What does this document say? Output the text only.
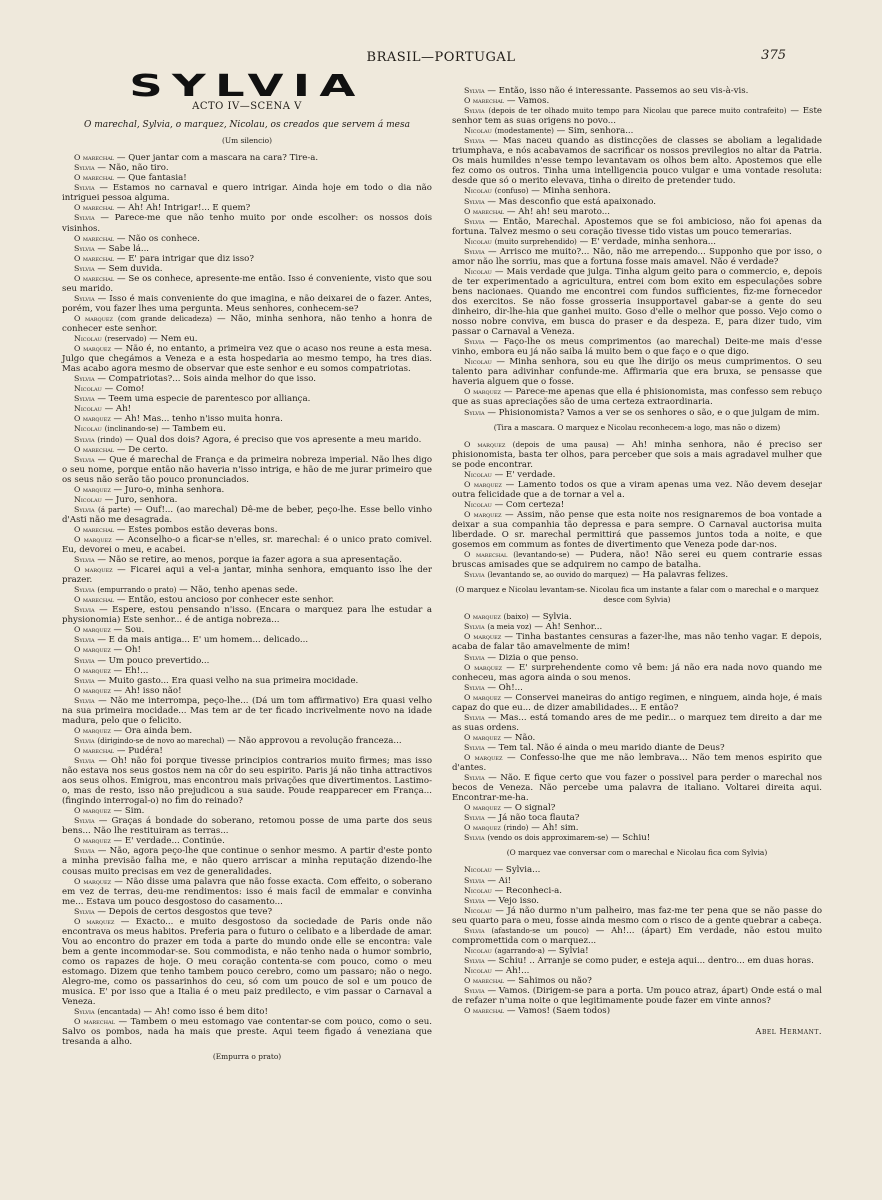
BRASIL—PORTUGAL	375
SYLVIA
ACTO IV—SCENA V
O marechal, Sylvia, o marquez, Nicolau, os creados que servem á mesa
(Um silencio)

O marechal — Quer jantar com a mascara na cara? Tire-a.

Sylvia — Não, não tiro.

O marechal — Que fantasia!

Sylvia — Estamos no carnaval e quero intrigar. Ainda hoje em todo o dia não intriguei pessoa alguma.

O marechal — Ah! Ah! Intrigar!... E quem?

Sylvia — Parece-me que não tenho muito por onde escolher: os nossos dois visinhos.

O marechal — Não os conhece.

Sylvia — Sabe lá...

O marechal — E' para intrigar que diz isso?

Sylvia — Sem duvida.

O marechal — Se os conhece, apresente-me então. Isso é conveniente, visto que sou seu marido.

Sylvia — Isso é mais conveniente do que imagina, e não deixarei de o fazer. Antes, porém, vou fazer lhes uma pergunta. Meus senhores, conhecem-se?

O marquez (com grande delicadeza) — Não, minha senhora, não tenho a honra de conhecer este senhor.

Nicolau (reservado) — Nem eu.

O marquez — Não é, no entanto, a primeira vez que o acaso nos reune a esta mesa. Julgo que chegámos a Veneza e a esta hospedaria ao mesmo tempo, ha tres dias. Mas acabo agora mesmo de observar que este senhor e eu somos compatriotas.

Sylvia — Compatriotas?... Sois ainda melhor do que isso.

Nicolau — Como!

Sylvia — Teem uma especie de parentesco por alliança.

Nicolau — Ah!

O marquez — Ah! Mas... tenho n'isso muita honra.

Nicolau (inclinando-se) — Tambem eu.

Sylvia (rindo) — Qual dos dois? Agora, é preciso que vos apresente a meu marido.

O marechal — De certo.

Sylvia — Que é marechal de França e da primeira nobreza imperial. Não lhes digo o seu nome, porque então não haveria n'isso intriga, e hão de me jurar primeiro que os seus não serão tão pouco pronunciados.

O marquez — Juro-o, minha senhora.

Nicolau — Juro, senhora.

Sylvia (á parte) — Ouf!... (ao marechal) Dê-me de beber, peço-lhe. Esse bello vinho d'Asti não me desagrada.

O marechal — Estes pombos estão deveras bons.

O marquez — Aconselho-o a ficar-se n'elles, sr. marechal: é o unico prato comivel. Eu, devorei o meu, e acabei.

Sylvia — Não se retire, ao menos, porque ia fazer agora a sua apresentação.

O marquez — Ficarei aqui a vel-a jantar, minha senhora, emquanto isso lhe der prazer.

Sylvia (empurrando o prato) — Não, tenho apenas sede.

O marechal — Então, estou ancioso por conhecer este senhor.

Sylvia — Espere, estou pensando n'isso. (Encara o marquez para lhe estudar a physionomia) Este senhor... é de antiga nobreza...

O marquez — Sou.

Sylvia — E da mais antiga... E' um homem... delicado...

O marquez — Oh!

Sylvia — Um pouco prevertido...

O marquez — Eh!...

Sylvia — Muito gasto... Era quasi velho na sua primeira mocidade.

O marquez — Ah! isso não!

Sylvia — Não me interrompa, peço-lhe... (Dá um tom affirmativo) Era quasi velho na sua primeira mocidade... Mas tem ar de ter ficado incrivelmente novo na idade madura, pelo que o felicito.

O marquez — Ora ainda bem.

Sylvia (dirigindo-se de novo ao marechal) — Não approvou a revolução franceza...

O marechal — Pudéra!

Sylvia — Oh! não foi porque tivesse principios contrarios muito firmes; mas isso não estava nos seus gostos nem na côr do seu espirito. Paris já não tinha attractivos aos seus olhos. Emigrou, mas encontrou mais privações que divertimentos. Lastimo-o, mas de resto, isso não prejudicou a sua saude. Poude reapparecer em França... (fingindo interrogal-o) no fim do reinado?

O marquez — Sim.

Sylvia — Graças á bondade do soberano, retomou posse de uma parte dos seus bens... Não lhe restituiram as terras...

O marquez — E' verdade... Continúe.

Sylvia — Não, agora peço-lhe que continue o senhor mesmo. A partir d'este ponto a minha previsão falha me, e não quero arriscar a minha reputação dizendo-lhe cousas muito precisas em vez de generalidades.

O marquez — Não disse uma palavra que não fosse exacta. Com effeito, o soberano em vez de terras, deu-me rendimentos: isso é mais facil de emmalar e convinha me... Estava um pouco desgostoso do casamento...

Sylvia — Depois de certos desgostos que teve?

O marquez — Exacto... e muito desgostoso da sociedade de Paris onde não encontrava os meus habitos. Preferia para o futuro o celibato e a liberdade de amar. Vou ao encontro do prazer em toda a parte do mundo onde elle se encontra: vale bem a gente incommodar-se. Sou commodista, e não tenho nada o humor sombrio, como os rapazes de hoje. O meu coração contenta-se com pouco, como o meu estomago. Dizem que tenho tambem pouco cerebro, como um passaro; não o nego. Alegro-me, como os passarinhos do ceu, só com um pouco de sol e um pouco de musica. E' por isso que a Italia é o meu paiz predilecto, e vim passar o Carnaval a Veneza.

Sylvia (encantada) — Ah! como isso é bem dito!

O marechal — Tambem o meu estomago vae contentar-se com pouco, como o seu. Salvo os pombos, nada ha mais que preste. Aqui teem figado á veneziana que tresanda a alho.

(Empurra o prato)

Sylvia — Então, isso não é interessante. Passemos ao seu vis-à-vis.

O marechal — Vamos.

Sylvia (depois de ter olhado muito tempo para Nicolau que parece muito contrafeito) — Este senhor tem as suas origens no povo...

Nicolau (modestamente) — Sim, senhora...

Sylvia — Mas naceu quando as distincções de classes se aboliam a legalidade triumphava, e nós acabavamos de sacrificar os nossos previlegios no altar da Patria. Os mais humildes n'esse tempo levantavam os olhos bem alto. Apostemos que elle fez como os outros. Tinha uma intelligencia pouco vulgar e uma vontade resoluta: desde que só o merito elevava, tinha o direito de pretender tudo.

Nicolau (confuso) — Minha senhora.

Sylvia — Mas desconfio que está apaixonado.

O marechal — Ah! ah! seu maroto...

Sylvia — Então, Marechal. Apostemos que se foi ambicioso, não foi apenas da fortuna. Talvez mesmo o seu coração tivesse tido vistas um pouco temerarias.

Nicolau (muito surprehendido) — E' verdade, minha senhora...

Sylvia — Arrisco me muito?... Não, não me arrependo... Supponho que por isso, o amor não lhe sorriu, mas que a fortuna fosse mais amavel. Não é verdade?

Nicolau — Mais verdade que julga. Tinha algum geito para o commercio, e, depois de ter experimentado a agricultura, entrei com bom exito em especulações sobre bens nacionaes. Quando me encontrei com fundos sufficientes, fiz-me fornecedor dos exercitos. Se não fosse grosseria insupportavel gabar-se a gente do seu dinheiro, dir-lhe-hia que ganhei muito. Goso d'elle o melhor que posso. Vejo como o nosso nobre conviva, em busca do praser e da despeza. E, para dizer tudo, vim passar o Carnaval a Veneza.

Sylvia — Faço-lhe os meus comprimentos (ao marechal) Deite-me mais d'esse vinho, embora eu já não saiba lá muito bem o que faço e o que digo.

Nicolau — Minha senhora, sou eu que lhe dirijo os meus cumprimentos. O seu talento para adivinhar confunde-me. Affirmaria que era bruxa, se pensasse que haveria alguem que o fosse.

O marquez — Parece-me apenas que ella é phisionomista, mas confesso sem rebuço que as suas apreciações são de uma certeza extraordinaria.

Sylvia — Phisionomista? Vamos a ver se os senhores o são, e o que julgam de mim.

(Tira a mascara. O marquez e Nicolau reconhecem-a logo, mas não o dizem)

O marquez (depois de uma pausa) — Ah! minha senhora, não é preciso ser phisionomista, basta ter olhos, para perceber que sois a mais agradavel mulher que se pode encontrar.

Nicolau — E' verdade.

O marquez — Lamento todos os que a viram apenas uma vez. Não devem desejar outra felicidade que a de tornar a vel a.

Nicolau — Com certeza!

O marquez — Assim, não pense que esta noite nos resignaremos de boa vontade a deixar a sua companhia tão depressa e para sempre. O Carnaval auctorisa muita liberdade. O sr. marechal permittirá que passemos juntos toda a noite, e que gosemos em commum as fontes de divertimento que Veneza pode dar-nos.

O marechal (levantando-se) — Pudera, não! Não serei eu quem contrarie essas bruscas amisades que se adquirem no campo de batalha.

Sylvia (levantando se, ao ouvido do marquez) — Ha palavras felizes.

(O marquez e Nicolau levantam-se. Nicolau fica um instante a falar com o marechal e o marquez desce com Sylvia)

O marquez (baixo) — Sylvia.

Sylvia (a meia voz) — Ah! Senhor...

O marquez — Tinha bastantes censuras a fazer-lhe, mas não tenho vagar. E depois, acaba de falar tão amavelmente de mim!

Sylvia — Dizia o que penso.

O marquez — E' surprehendente como vê bem: já não era nada novo quando me conheceu, mas agora ainda o sou menos.

Sylvia — Oh!...

O marquez — Conservei maneiras do antigo regimen, e ninguem, ainda hoje, é mais capaz do que eu... de dizer amabilidades... E então?

Sylvia — Mas... está tomando ares de me pedir... o marquez tem direito a dar me as suas ordens.

O marquez — Não.

Sylvia — Tem tal. Não é ainda o meu marido diante de Deus?

O marquez — Confesso-lhe que me não lembrava... Não tem menos espirito que d'antes.

Sylvia — Não. E fique certo que vou fazer o possivel para perder o marechal nos becos de Veneza. Não percebe uma palavra de italiano. Voltarei direita aqui. Encontrar-me-ha.

O marquez — O signal?

Sylvia — Já não toca flauta?

O marquez (rindo) — Ah! sim.

Sylvia (vendo os dois approximarem-se) — Schiu!

(O marquez vae conversar com o marechal e Nicolau fica com Sylvia)

Nicolau — Sylvia...

Sylvia — Ai!

Nicolau — Reconheci-a.

Sylvia — Vejo isso.

Nicolau — Já não durmo n'um palheiro, mas faz-me ter pena que se não passe do seu quarto para o meu, fosse ainda mesmo com o risco de a gente quebrar a cabeça.

Sylvia (afastando-se um pouco) — Ah!... (ápart) Em verdade, não estou muito compromettida com o marquez...

Nicolau (agarrando-a) — Sylvia!

Sylvia — Schiu! .. Arranje se como puder, e esteja aqui... dentro... em duas horas.

Nicolau — Ah!...

O marechal — Sahimos ou não?

Sylvia — Vamos. (Dirigem-se para a porta. Um pouco atraz, ápart) Onde está o mal de refazer n'uma noite o que legitimamente poude fazer em vinte annos?

O marechal — Vamos! (Saem todos)

Abel Hermant.
